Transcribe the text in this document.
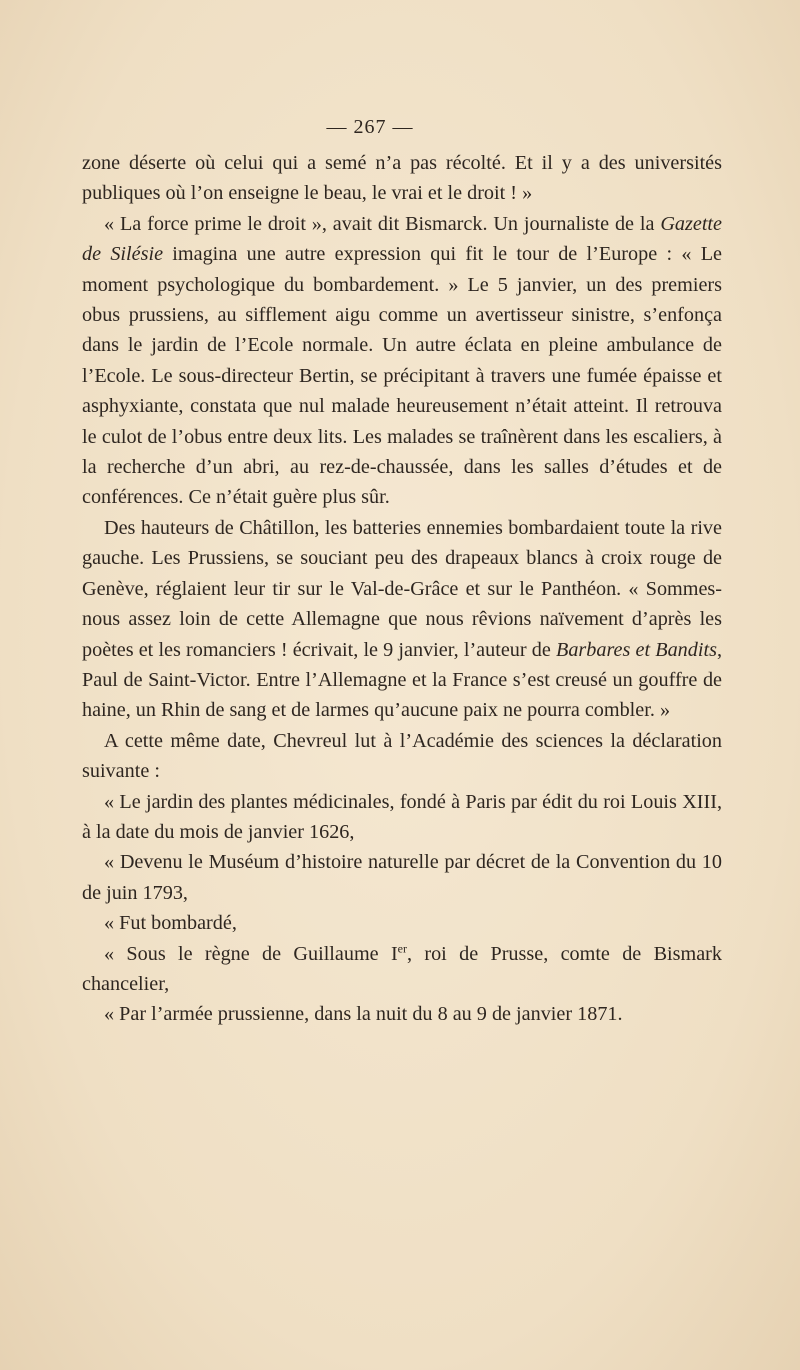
— 267 —

zone déserte où celui qui a semé n’a pas récolté. Et il y a des universités publiques où l’on enseigne le beau, le vrai et le droit ! »

« La force prime le droit », avait dit Bismarck. Un journaliste de la Gazette de Silésie imagina une autre expression qui fit le tour de l’Europe : « Le moment psychologique du bombardement. » Le 5 janvier, un des premiers obus prussiens, au sifflement aigu comme un avertisseur sinistre, s’enfonça dans le jardin de l’Ecole normale. Un autre éclata en pleine ambulance de l’Ecole. Le sous-directeur Bertin, se précipitant à travers une fumée épaisse et asphyxiante, constata que nul malade heureusement n’était atteint. Il retrouva le culot de l’obus entre deux lits. Les malades se traînèrent dans les escaliers, à la recherche d’un abri, au rez-de-chaussée, dans les salles d’études et de conférences. Ce n’était guère plus sûr.

Des hauteurs de Châtillon, les batteries ennemies bombardaient toute la rive gauche. Les Prussiens, se souciant peu des drapeaux blancs à croix rouge de Genève, réglaient leur tir sur le Val-de-Grâce et sur le Panthéon. « Sommes-nous assez loin de cette Allemagne que nous rêvions naïvement d’après les poètes et les romanciers ! écrivait, le 9 janvier, l’auteur de Barbares et Bandits, Paul de Saint-Victor. Entre l’Allemagne et la France s’est creusé un gouffre de haine, un Rhin de sang et de larmes qu’aucune paix ne pourra combler. »

A cette même date, Chevreul lut à l’Académie des sciences la déclaration suivante :

« Le jardin des plantes médicinales, fondé à Paris par édit du roi Louis XIII, à la date du mois de janvier 1626,

« Devenu le Muséum d’histoire naturelle par décret de la Convention du 10 de juin 1793,

« Fut bombardé,

« Sous le règne de Guillaume Ier, roi de Prusse, comte de Bismark chancelier,

« Par l’armée prussienne, dans la nuit du 8 au 9 de janvier 1871.
